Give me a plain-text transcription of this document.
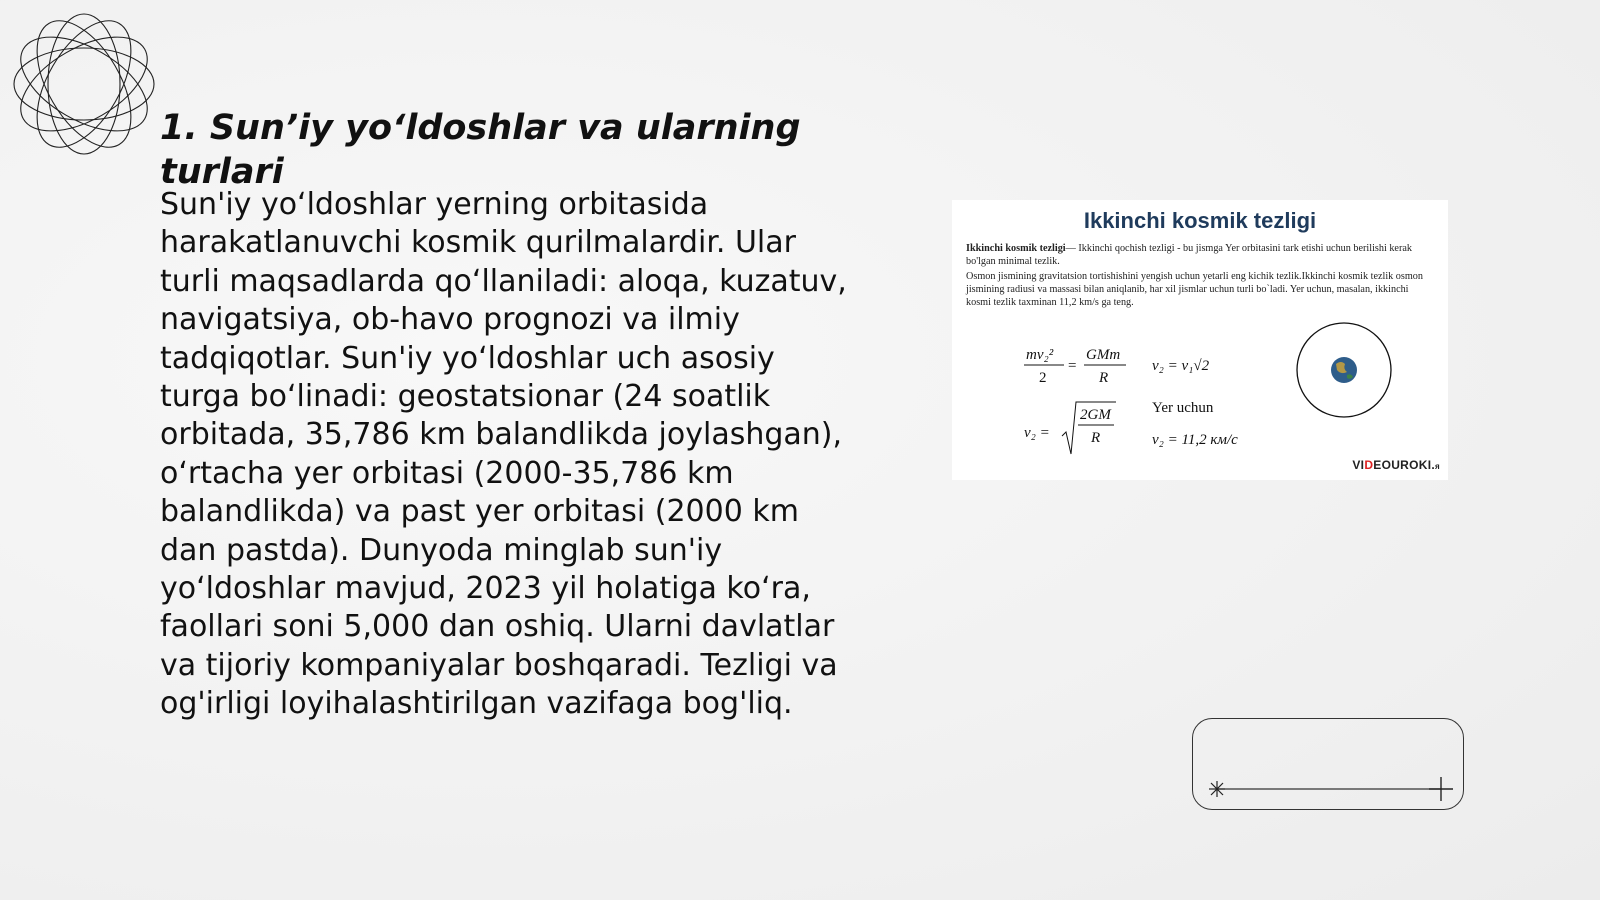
1. Sun’iy yo‘ldoshlar va ularning turlari

Sun'iy yo‘ldoshlar yerning orbitasida harakatlanuvchi kosmik qurilmalardir. Ular turli maqsadlarda qo‘llaniladi: aloqa, kuzatuv, navigatsiya, ob-havo prognozi va ilmiy tadqiqotlar. Sun'iy yo‘ldoshlar uch asosiy turga bo‘linadi: geostatsionar (24 soatlik orbitada, 35,786 km balandlikda joylashgan), o‘rtacha yer orbitasi (2000-35,786 km balandlikda) va past yer orbitasi (2000 km dan pastda). Dunyoda minglab sun'iy yo‘ldoshlar mavjud, 2023 yil holatiga ko‘ra, faollari soni 5,000 dan oshiq. Ularni davlatlar va tijoriy kompaniyalar boshqaradi. Tezligi va og'irligi loyihalashtirilgan vazifaga bog'liq.

Ikkinchi kosmik tezligi

Ikkinchi kosmik tezligi— Ikkinchi qochish tezligi - bu jismga Yer orbitasini tark etishi uchun berilishi kerak bo'lgan minimal tezlik.

Osmon jismining gravitatsion tortishishini yengish uchun yetarli eng kichik tezlik.Ikkinchi kosmik tezlik osmon jismining radiusi va massasi bilan aniqlanib, har xil jismlar uchun turli bo`ladi. Yer uchun, masalan, ikkinchi kosmi tezlik taxminan 11,2 km/s ga teng.

mv₂²
2
=
GMm
R
v₂ = v₁√2
v₂ =
2GM
R
Yer uchun
v₂ = 11,2 км/с
VIDEOUROKI.я
